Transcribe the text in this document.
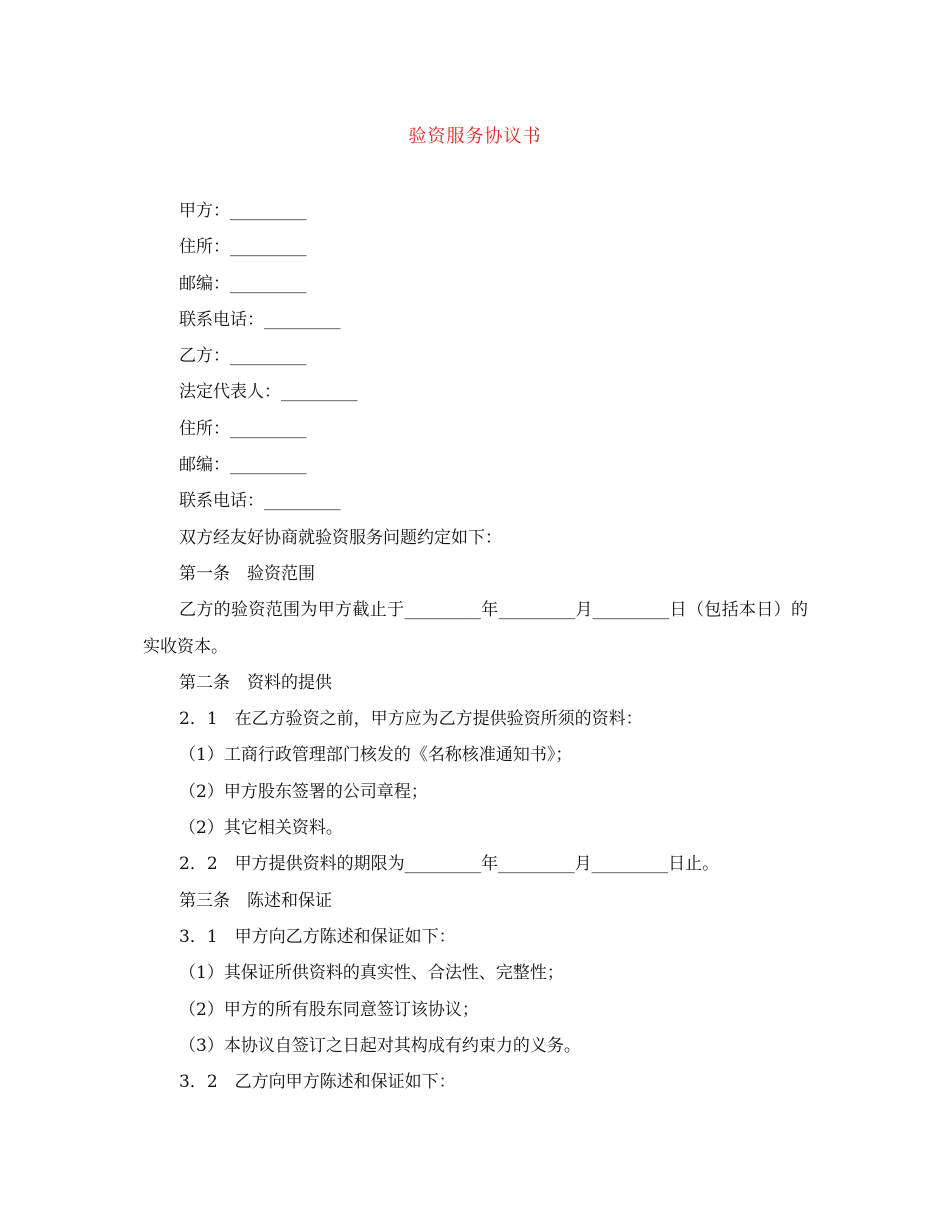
验资服务协议书
甲方：_________
住所：_________
邮编：_________
联系电话：_________
乙方：_________
法定代表人：_________
住所：_________
邮编：_________
联系电话：_________
双方经友好协商就验资服务问题约定如下：
第一条　验资范围
乙方的验资范围为甲方截止于_________年_________月_________日（包括本日）的实收资本。
第二条　资料的提供
2．1　在乙方验资之前，甲方应为乙方提供验资所须的资料：
（1）工商行政管理部门核发的《名称核准通知书》；
（2）甲方股东签署的公司章程；
（2）其它相关资料。
2．2　甲方提供资料的期限为_________年_________月_________日止。
第三条　陈述和保证
3．1　甲方向乙方陈述和保证如下：
（1）其保证所供资料的真实性、合法性、完整性；
（2）甲方的所有股东同意签订该协议；
（3）本协议自签订之日起对其构成有约束力的义务。
3．2　乙方向甲方陈述和保证如下：
